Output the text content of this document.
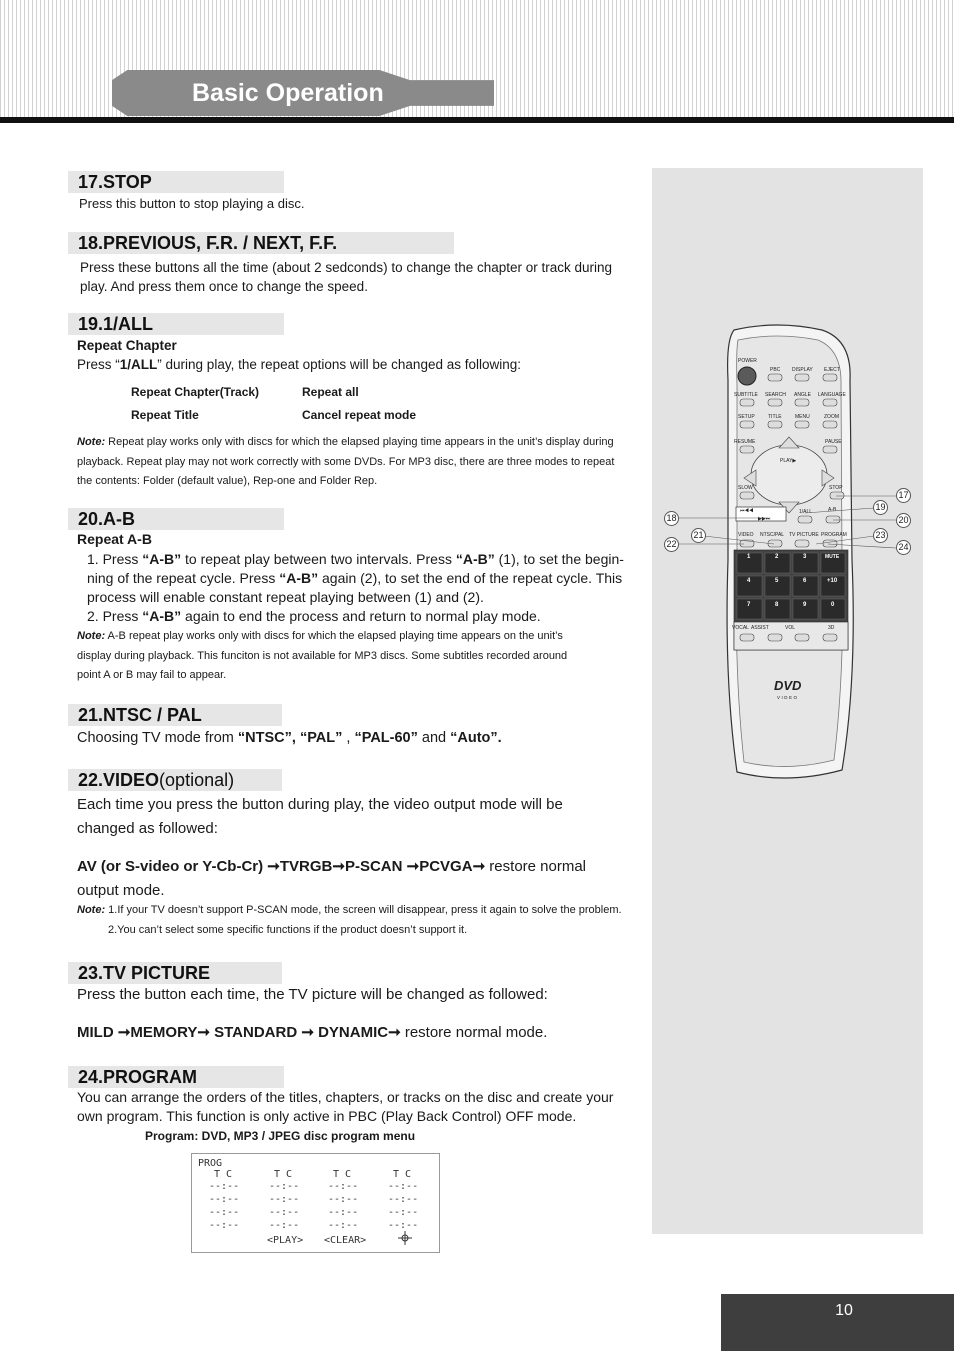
Basic Operation
17.STOP
Press this button to stop playing a disc.
18.PREVIOUS, F.R. / NEXT, F.F.
Press these buttons all the time (about 2 sedconds) to change the chapter or track during
play. And press them once to change the speed.
19.1/ALL
Repeat Chapter
Press “1/ALL” during play, the repeat options will be changed as following:
Repeat Chapter(Track)	Repeat all
Repeat Title	Cancel repeat mode
Note: Repeat play works only with discs for which the elapsed playing time appears in the unit’s display during
playback. Repeat play may not work correctly with some DVDs. For MP3 disc, there are three modes to repeat
the contents: Folder (default value), Rep-one and Folder Rep.
20.A-B
Repeat A-B
1. Press “A-B” to repeat play between two intervals. Press “A-B” (1), to set the begin-
ning of the repeat cycle. Press “A-B” again (2), to set the end of the repeat cycle. This
process will enable constant repeat playing between (1) and (2).
2. Press “A-B” again to end the process and return to normal play mode.
Note: A-B repeat play works only with discs for which the elapsed playing time appears on the unit’s
display during playback. This funciton is not available for MP3 discs. Some subtitles recorded around
point A or B may fail to appear.
21.NTSC / PAL
Choosing TV mode from “NTSC”, “PAL” , “PAL-60” and “Auto”.
22.VIDEO(optional)
Each time you press the button during play, the video output mode will be
changed as followed:
AV (or S-video or Y-Cb-Cr) ➞TVRGB➞P-SCAN ➞PCVGA➞ restore normal
output mode.
Note: 1.If your TV doesn’t support P-SCAN mode, the screen will disappear, press it again to solve the problem.
2.You can’t select some specific functions if the product doesn’t support it.
23.TV PICTURE
Press the button each time, the TV picture will be changed as followed:
MILD ➞MEMORY➞ STANDARD ➞ DYNAMIC➞ restore normal mode.
24.PROGRAM
You can arrange the orders of the titles, chapters, or tracks on the disc and create your
own program. This function is only active in PBC (Play Back Control) OFF mode.
Program: DVD, MP3 / JPEG disc program menu
PROG
T C	T C	T C	T C
--:--	--:--	--:--	--:--
--:--	--:--	--:--	--:--
--:--	--:--	--:--	--:--
--:--	--:--	--:--	--:--
<PLAY> <CLEAR>
POWER
PBC DISPLAY EJECT
SUBTITLE SEARCH ANGLE LANGUAGE
SETUP	TITLE	MENU	ZOOM
RESUME	PAUSE
PLAY▶
SLOW	STOP
⏮◀◀
▶▶⏭
1/ALL	A-B
VIDEO NTSC/PAL TV PICTURE PROGRAM
1	2	3	MUTE
4	5	6	+10
7	8	9	0
VOCAL ASSIST	VOL	3D
DVD
VIDEO
17
19
20
18
21	23
22	24
10
